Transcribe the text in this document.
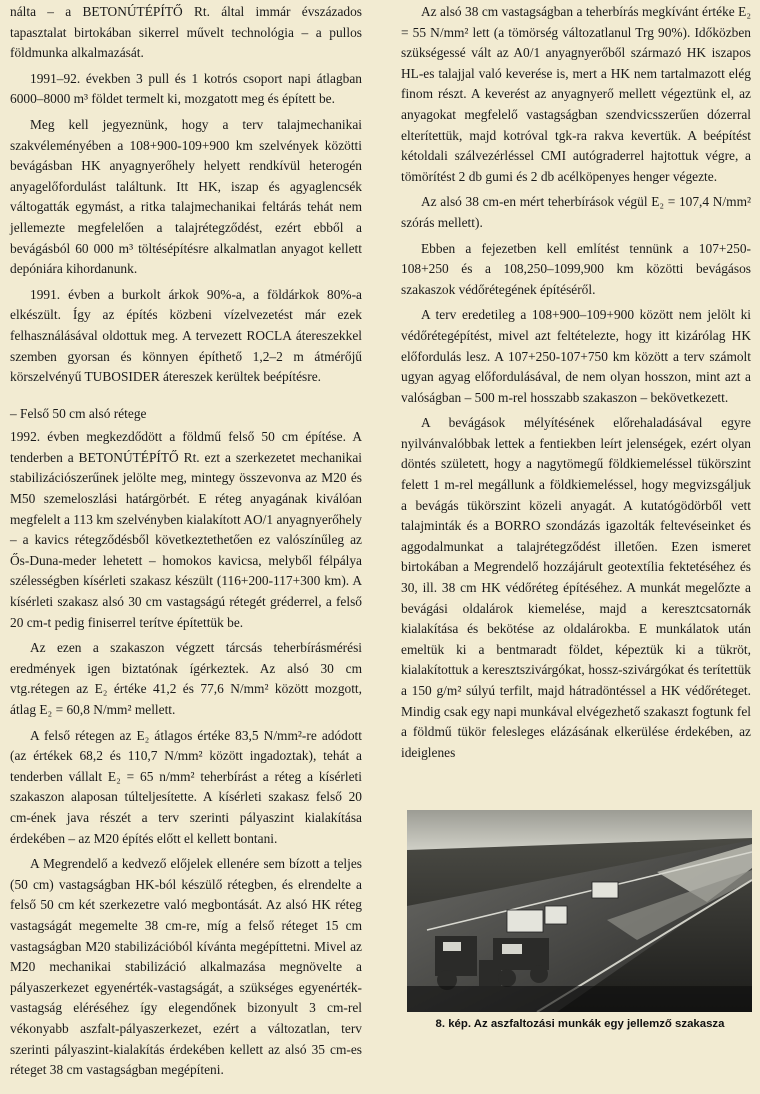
nálta – a BETONÚTÉPÍTŐ Rt. által immár évszázados tapasztalat birtokában sikerrel művelt technológia – a pullos földmunka alkalmazását.

1991–92. években 3 pull és 1 kotrós csoport napi átlagban 6000–8000 m³ földet termelt ki, mozgatott meg és épített be.

Meg kell jegyeznünk, hogy a terv talajmechanikai szakvéleményében a 108+900-109+900 km szelvények közötti bevágásban HK anyagnyerőhely helyett rendkívül heterogén anyagelőfordulást találtunk. Itt HK, iszap és agyaglencsék váltogatták egymást, a ritka talajmechanikai feltárás tehát nem jellemezte megfelelően a talajrétegződést, ezért ebből a bevágásból 60 000 m³ töltésépítésre alkalmatlan anyagot kellett depóniára kihordanunk.

1991. évben a burkolt árkok 90%-a, a földárkok 80%-a elkészült. Így az építés közbeni vízelvezetést már ezek felhasználásával oldottuk meg. A tervezett ROCLA átereszekkel szemben gyorsan és könnyen építhető 1,2–2 m átmérőjű körszelvényű TUBOSIDER átereszek kerültek beépítésre.

– Felső 50 cm alsó rétege

1992. évben megkezdődött a földmű felső 50 cm építése. A tenderben a BETONÚTÉPÍTŐ Rt. ezt a szerkezetet mechanikai stabilizációszerűnek jelölte meg, mintegy összevonva az M20 és M50 szemeloszlási határgörbét. E réteg anyagának kiválóan megfelelt a 113 km szelvényben kialakított AO/1 anyagnyerőhely – a kavics rétegződésből következtethetően ez valószínűleg az Ős-Duna-meder lehetett – homokos kavicsa, melyből félpálya szélességben kísérleti szakasz készült (116+200-117+300 km). A kísérleti szakasz alsó 30 cm vastagságú rétegét gréderrel, a felső 20 cm-t pedig finiserrel terítve építettük be.

Az ezen a szakaszon végzett tárcsás teherbírásmérési eredmények igen biztatónak ígérkeztek. Az alsó 30 cm vtg.rétegen az E₂ értéke 41,2 és 77,6 N/mm² között mozgott, átlag E₂ = 60,8 N/mm² mellett.

A felső rétegen az E₂ átlagos értéke 83,5 N/mm²-re adódott (az értékek 68,2 és 110,7 N/mm² között ingadoztak), tehát a tenderben vállalt E₂ = 65 n/mm² teherbírást a réteg a kísérleti szakaszon alaposan túlteljesítette. A kísérleti szakasz felső 20 cm-ének java részét a terv szerinti pályaszint kialakítása érdekében – az M20 építés előtt el kellett bontani.

A Megrendelő a kedvező előjelek ellenére sem bízott a teljes (50 cm) vastagságban HK-ból készülő rétegben, és elrendelte a felső 50 cm két szerkezetre való megbontását. Az alsó HK réteg vastagságát megemelte 38 cm-re, míg a felső réteget 15 cm vastagságban M20 stabilizációból kívánta megépíttetni. Mivel az M20 mechanikai stabilizáció alkalmazása megnövelte a pályaszerkezet egyenérték-vastagságát, a szükséges egyenérték-vastagság eléréséhez így elegendőnek bizonyult 3 cm-rel vékonyabb aszfalt-pályaszerkezet, ezért a változatlan, terv szerinti pályaszint-kialakítás érdekében kellett az alsó 35 cm-es réteget 38 cm vastagságban megépíteni.

Az alsó 38 cm vastagságban a teherbírás megkívánt értéke E₂ = 55 N/mm² lett (a tömörség változatlanul Trg 90%). Időközben szükségessé vált az A0/1 anyagnyerőből származó HK iszapos HL-es talajjal való keverése is, mert a HK nem tartalmazott elég finom részt. A keverést az anyagnyerő mellett végeztünk el, az anyagokat megfelelő vastagságban szendvicsszerűen dózerral elterítettük, majd kotróval tgk-ra rakva kevertük. A beépítést kétoldali szálvezérléssel CMI autógraderrel hajtottuk végre, a tömörítést 2 db gumi és 2 db acélköpenyes henger végezte.

Az alsó 38 cm-en mért teherbírások végül E₂ = 107,4 N/mm² szórás mellett).

Ebben a fejezetben kell említést tennünk a 107+250-108+250 és a 108,250–1099,900 km közötti bevágásos szakaszok védőrétegének építéséről.

A terv eredetileg a 108+900–109+900 között nem jelölt ki védőrétegépítést, mivel azt feltételezte, hogy itt kizárólag HK előfordulás lesz. A 107+250-107+750 km között a terv számolt ugyan agyag előfordulásával, de nem olyan hosszon, mint azt a valóságban – 500 m-rel hosszabb szakaszon – bekövetkezett.

A bevágások mélyítésének előrehaladásával egyre nyilvánvalóbbak lettek a fentiekben leírt jelenségek, ezért olyan döntés született, hogy a nagytömegű földkiemeléssel tükörszint felett 1 m-rel megállunk a földkiemeléssel, hogy megvizsgáljuk a bevágás tükörszint közeli anyagát. A kutatógödörből vett talajminták és a BORRO szondázás igazolták feltevéseinket és aggodalmunkat a talajrétegződést illetően. Ezen ismeret birtokában a Megrendelő hozzájárult geotextília fektetéséhez és 30, ill. 38 cm HK védőréteg építéséhez. A munkát megelőzte a bevágási oldalárok kiemelése, majd a keresztcsatornák kialakítása és bekötése az oldalárokba. E munkálatok után emeltük ki a bentmaradt földet, képeztük ki a tükröt, kialakítottuk a keresztszivárgókat, hossz-szivárgókat és terítettük a 150 g/m² súlyú terfilt, majd hátradöntéssel a HK védőréteget. Mindig csak egy napi munkával elvégezhető szakaszt fogtunk fel a földmű tükör felesleges elázásának elkerülése érdekében, az ideiglenes

8. kép. Az aszfaltozási munkák egy jellemző szakasza
